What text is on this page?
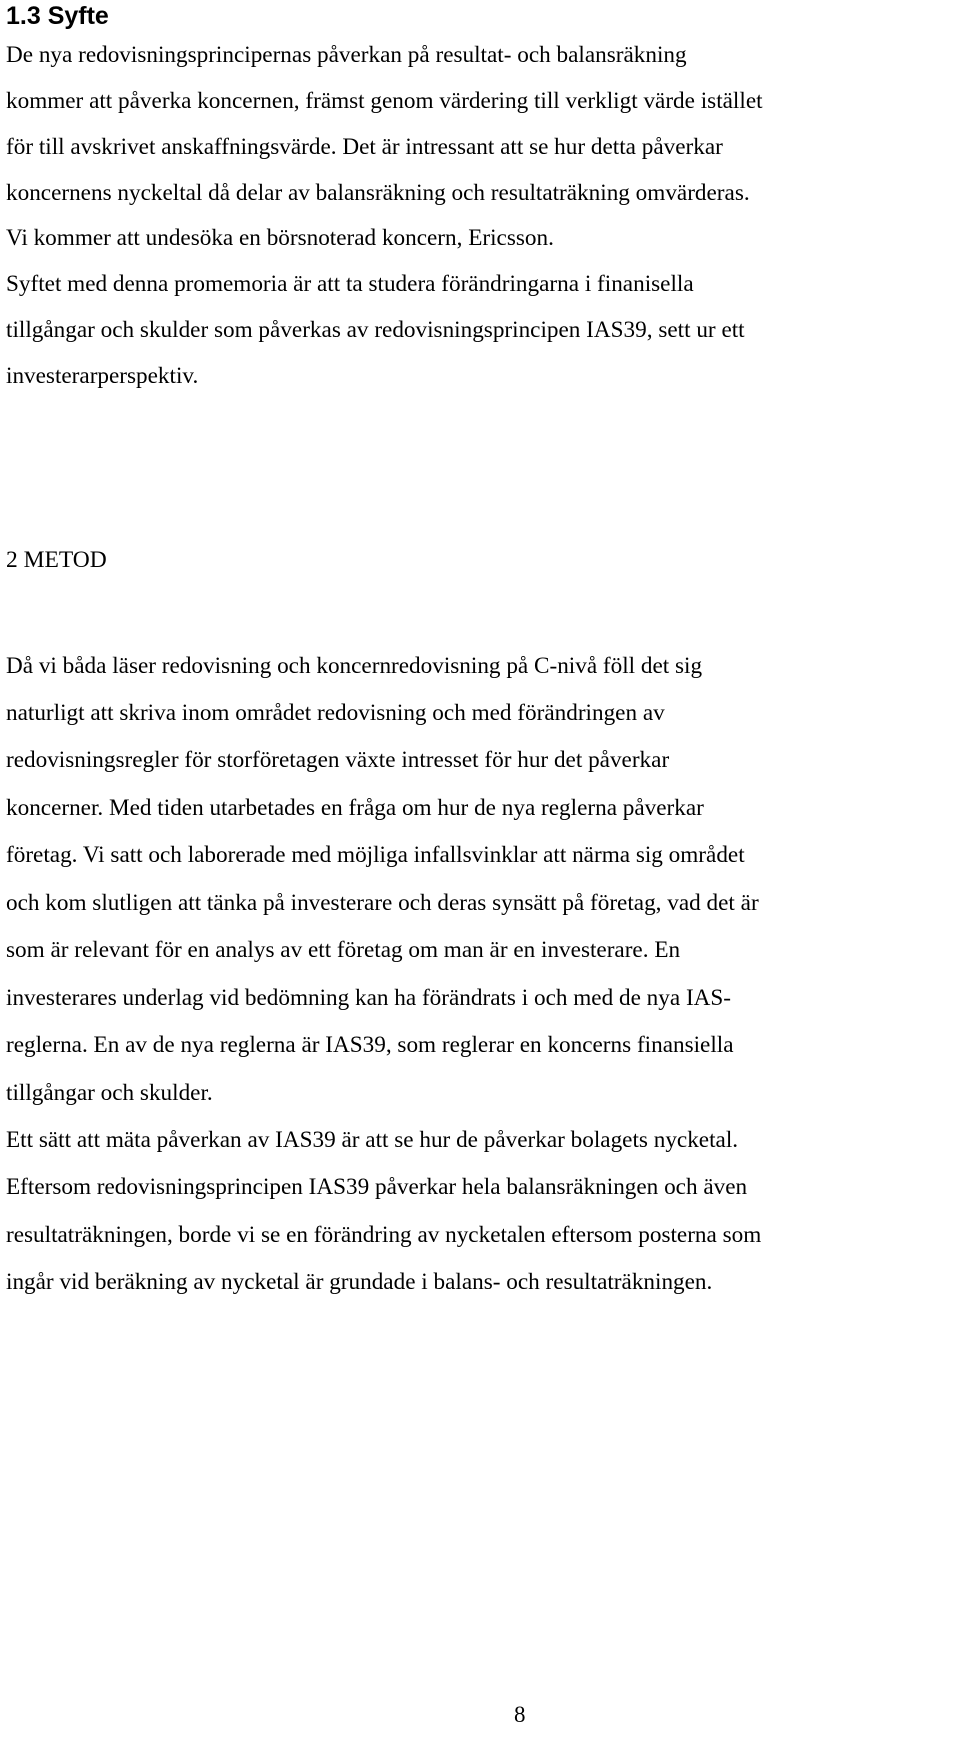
1.3 Syfte

De nya redovisningsprincipernas påverkan på resultat- och balansräkning

kommer att påverka koncernen, främst genom värdering till verkligt värde istället

för till avskrivet anskaffningsvärde. Det är intressant att se hur detta påverkar

koncernens nyckeltal då delar av balansräkning och resultaträkning omvärderas.

Vi kommer att undesöka en börsnoterad koncern, Ericsson.

Syftet med denna promemoria är att ta studera förändringarna i finanisella

tillgångar och skulder som påverkas av redovisningsprincipen IAS39, sett ur ett

investerarperspektiv.

2 METOD

Då vi båda läser redovisning och koncernredovisning på C-nivå föll det sig

naturligt att skriva inom området redovisning och med förändringen av

redovisningsregler för storföretagen växte intresset för hur det påverkar

koncerner. Med tiden utarbetades en fråga om hur de nya reglerna påverkar

företag. Vi satt och laborerade med möjliga infallsvinklar att närma sig området

och kom slutligen att tänka på investerare och deras synsätt på företag, vad det är

som är relevant för en analys av ett företag om man är en investerare. En

investerares underlag vid bedömning kan ha förändrats i och med de nya IAS-

reglerna. En av de nya reglerna är IAS39, som reglerar en koncerns finansiella

tillgångar och skulder.

Ett sätt att mäta påverkan av IAS39 är att se hur de påverkar bolagets nycketal.

Eftersom redovisningsprincipen IAS39 påverkar hela balansräkningen och även

resultaträkningen, borde vi se en förändring av nycketalen eftersom posterna som

ingår vid beräkning av nycketal är grundade i balans- och resultaträkningen.

8
